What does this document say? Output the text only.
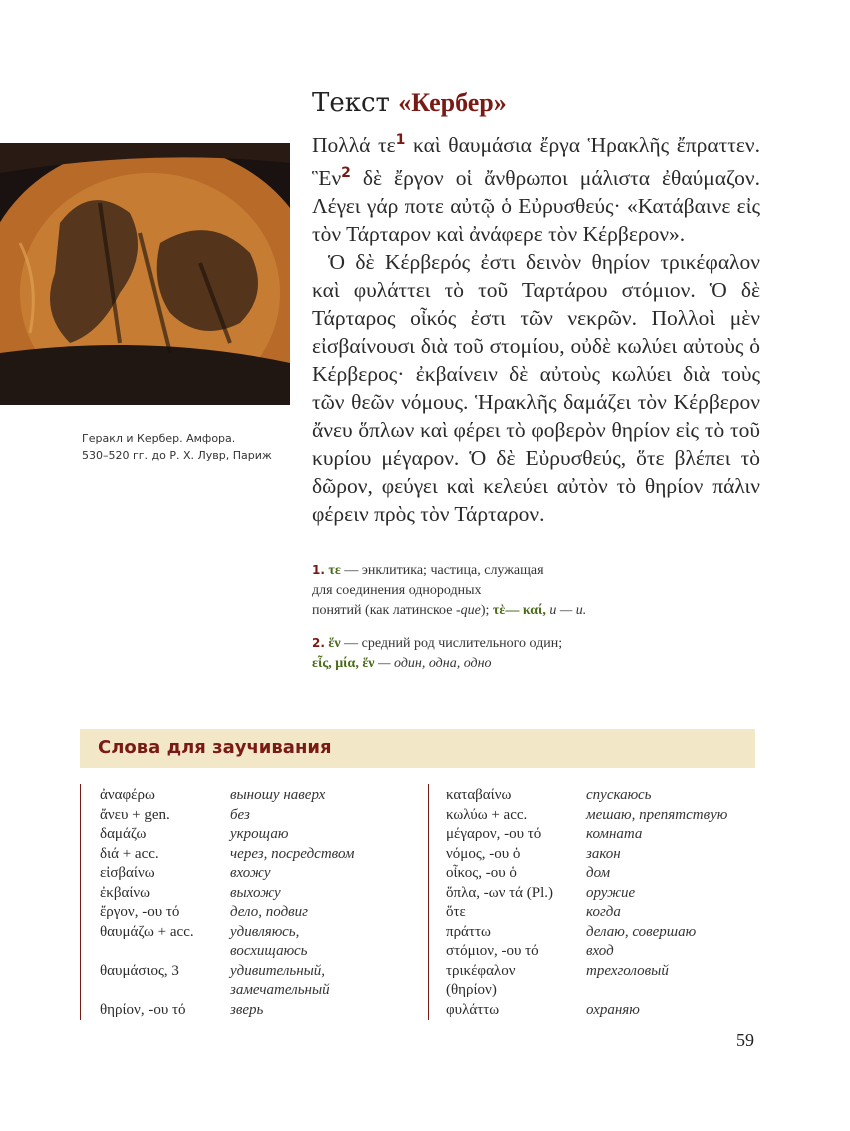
Геракл и Кербер. Амфора.
530–520 гг. до Р. Х. Лувр, Париж
Текст «Кербер»

Πολλά $\tau\varepsilon^1$ καὶ θαυμάσια ἔργα Ἡρακλῆς ἔπραττεν. Ἓν$^2$ δὲ ἔργον οἱ ἄνθρωποι μάλιστα ἐθαύμαζον. Λέγει γάρ ποτε αὐτῷ ὁ Εὐρυσθεύς· «Κατάβαινε εἰς τὸν Τάρταρον καὶ ἀνάφερε τὸν Κέρβερον».

Ὁ δὲ Κέρβερός ἐστι δεινὸν θηρίον τρικέφαλον καὶ φυλάττει τὸ τοῦ Ταρτάρου στόμιον. Ὁ δὲ Τάρταρος οἶκός ἐστι τῶν νεκρῶν. Πολλοὶ μὲν εἰσβαίνουσι διὰ τοῦ στομίου, οὐδὲ κωλύει αὐτοὺς ὁ Κέρβερος· ἐκβαίνειν δὲ αὐτοὺς κωλύει διὰ τοὺς τῶν θεῶν νόμους. Ἡρακλῆς δαμάζει τὸν Κέρβερον ἄνευ ὅπλων καὶ φέρει τὸ φοβερὸν θηρίον εἰς τὸ τοῦ κυρίου μέγαρον. Ὁ δὲ Εὐρυσθεύς, ὅτε βλέπει τὸ δῶρον, φεύγει καὶ κελεύει αὐτὸν τὸ θηρίον πάλιν φέρειν πρὸς τὸν Τάρταρον.

1. τε — энклитика; частица, служащая
для соединения однородных
понятий (как латинское -que); τὲ— καί, и — и.
2. ἕν — средний род числительного один;
εἷς, μία, ἕν — один, одна, одно
Слова для заучивания
ἀναφέρω	выношу наверх
ἄνευ + gen.	без
δαμάζω	укрощаю
διά + acc.	через, посредством
εἰσβαίνω	вхожу
ἐκβαίνω	выхожу
ἔργον, -ου τό	дело, подвиг
θαυμάζω + acc.	удивляюсь,
восхищаюсь
θαυμάσιος, 3	удивительный,
замечательный
θηρίον, -ου τό	зверь
καταβαίνω	спускаюсь
κωλύω + acc.	мешаю, препятствую
μέγαρον, -ου τό	комната
νόμος, -ου ὁ	закон
οἶκος, -ου ὁ	дом
ὅπλα, -ων τά (Pl.)	оружие
ὅτε	когда
πράττω	делаю, совершаю
στόμιον, -ου τό	вход
τρικέφαλον	трехголовый
(θηρίον)
φυλάττω	охраняю
59
